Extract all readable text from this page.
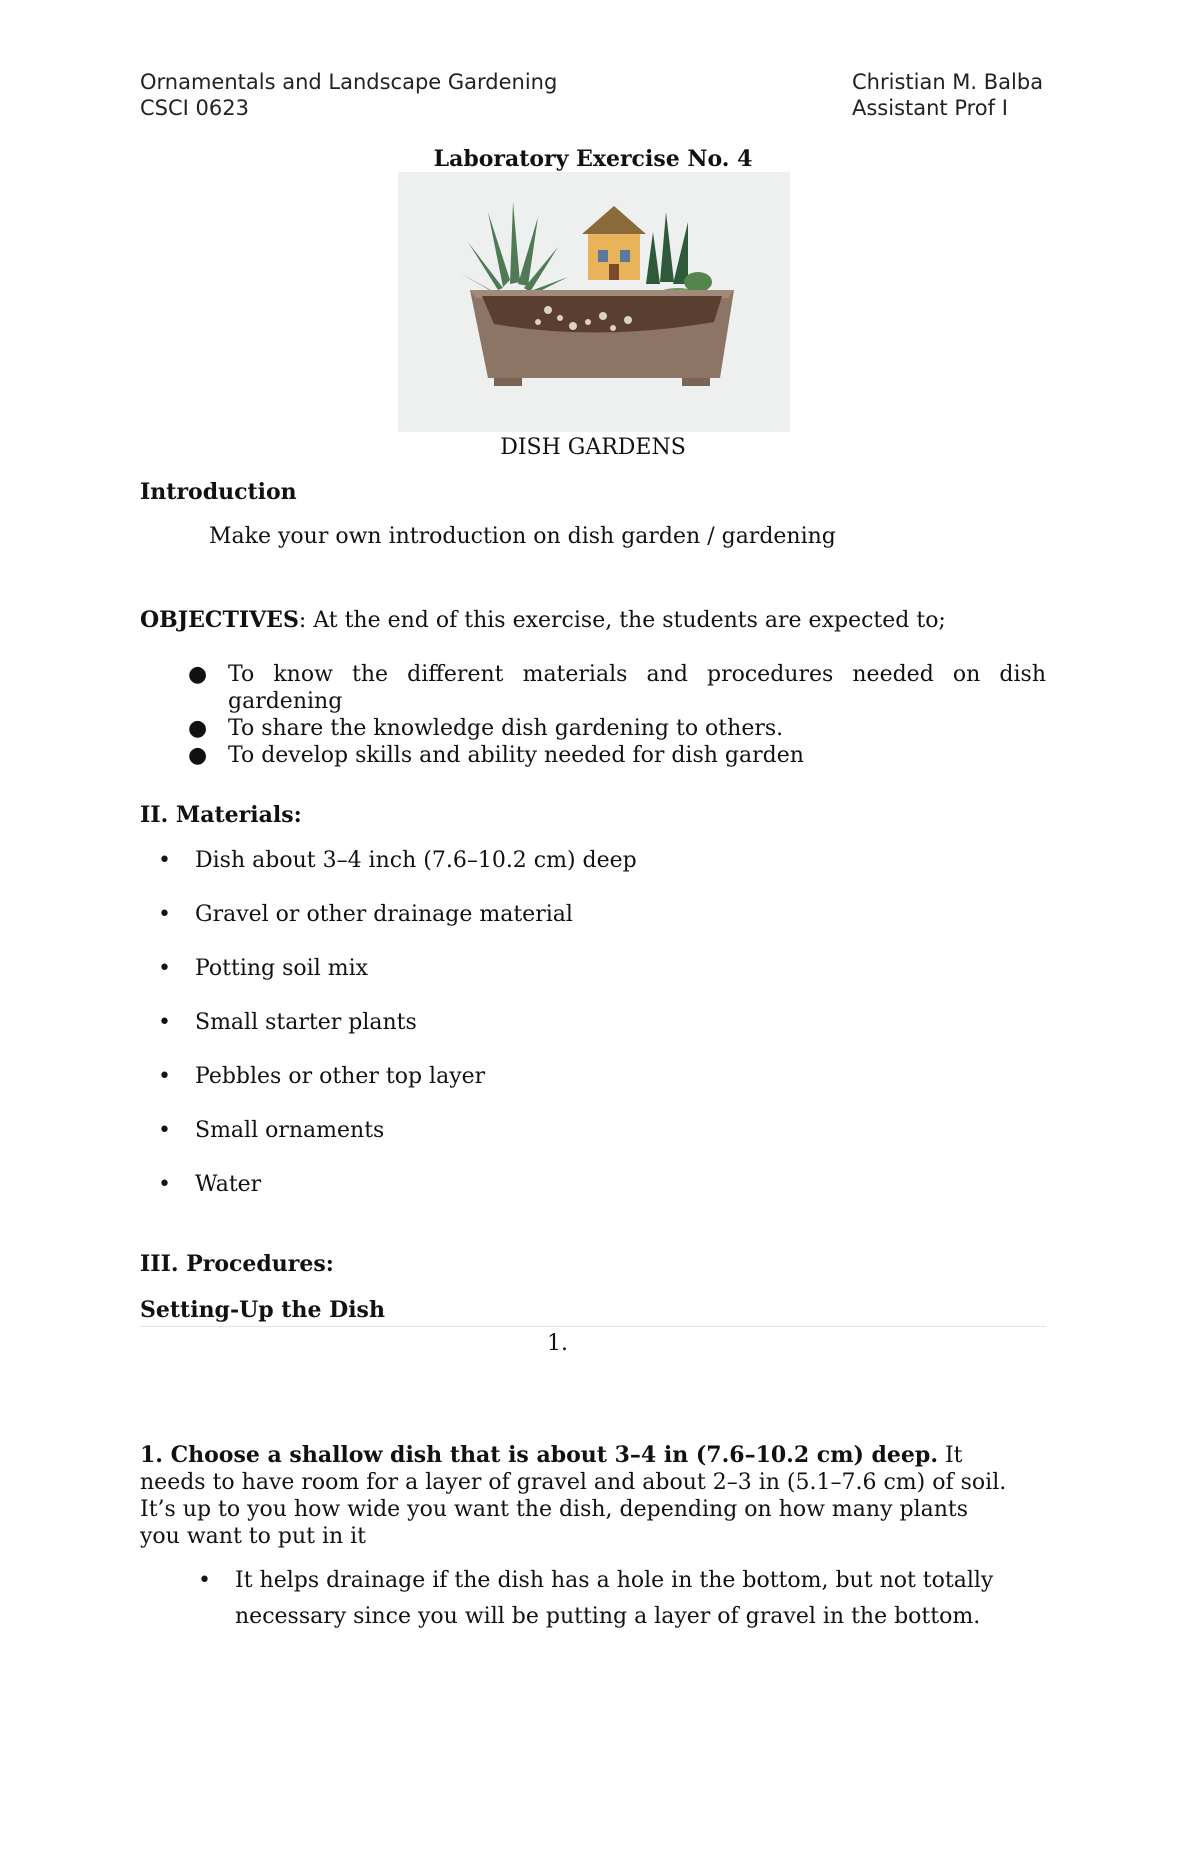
Ornamentals and Landscape Gardening
CSCI 0623
Christian M. Balba
Assistant Prof I
Laboratory Exercise No. 4
DISH GARDENS
Introduction
Make your own introduction on dish garden / gardening
OBJECTIVES: At the end of this exercise, the students are expected to;
● To know the different materials and procedures needed on dish gardening
● To share the knowledge dish gardening to others.
● To develop skills and ability needed for dish garden
II. Materials:
• Dish about 3–4 inch (7.6–10.2 cm) deep
• Gravel or other drainage material
• Potting soil mix
• Small starter plants
• Pebbles or other top layer
• Small ornaments
• Water
III. Procedures:
Setting-Up the Dish
1.
1. Choose a shallow dish that is about 3–4 in (7.6–10.2 cm) deep. It needs to have room for a layer of gravel and about 2–3 in (5.1–7.6 cm) of soil. It’s up to you how wide you want the dish, depending on how many plants you want to put in it
• It helps drainage if the dish has a hole in the bottom, but not totally necessary since you will be putting a layer of gravel in the bottom.
